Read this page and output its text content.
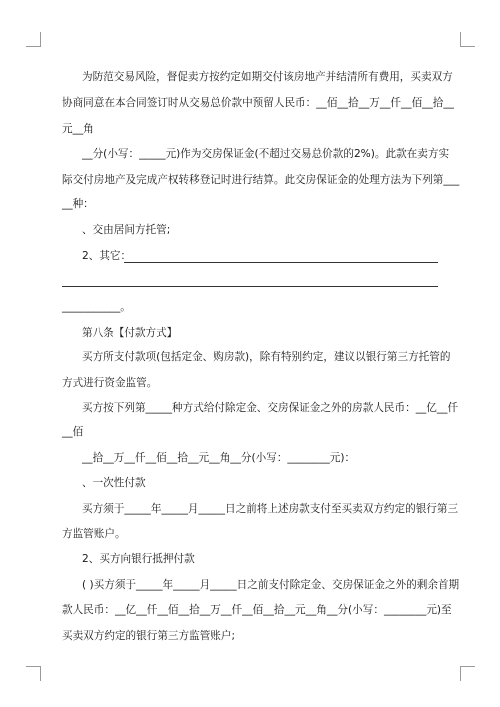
为防范交易风险，督促卖方按约定如期交付该房地产并结清所有费用，买卖双方
协商同意在本合同签订时从交易总价款中预留人民币：__佰__拾__万__仟__佰__拾__
元__角
__分(小写：_____元)作为交房保证金(不超过交易总价款的2%)。此款在卖方实
际交付房地产及完成产权转移登记时进行结算。此交房保证金的处理方法为下列第___
__种：
、交由居间方托管;
2、其它：
___________。
第八条【付款方式】
买方所支付款项(包括定金、购房款)，除有特别约定，建议以银行第三方托管的
方式进行资金监管。
买方按下列第_____种方式给付除定金、交房保证金之外的房款人民币：__亿__仟
__佰
__拾__万__仟__佰__拾__元__角__分(小写：________元)：
、一次性付款
买方须于_____年_____月_____日之前将上述房款支付至买卖双方约定的银行第三
方监管账户。
2、买方向银行抵押付款
( )买方须于_____年_____月_____日之前支付除定金、交房保证金之外的剩余首期
款人民币：__亿__仟__佰__拾__万__仟__佰__拾__元__角__分(小写：________元)至
买卖双方约定的银行第三方监管账户;
